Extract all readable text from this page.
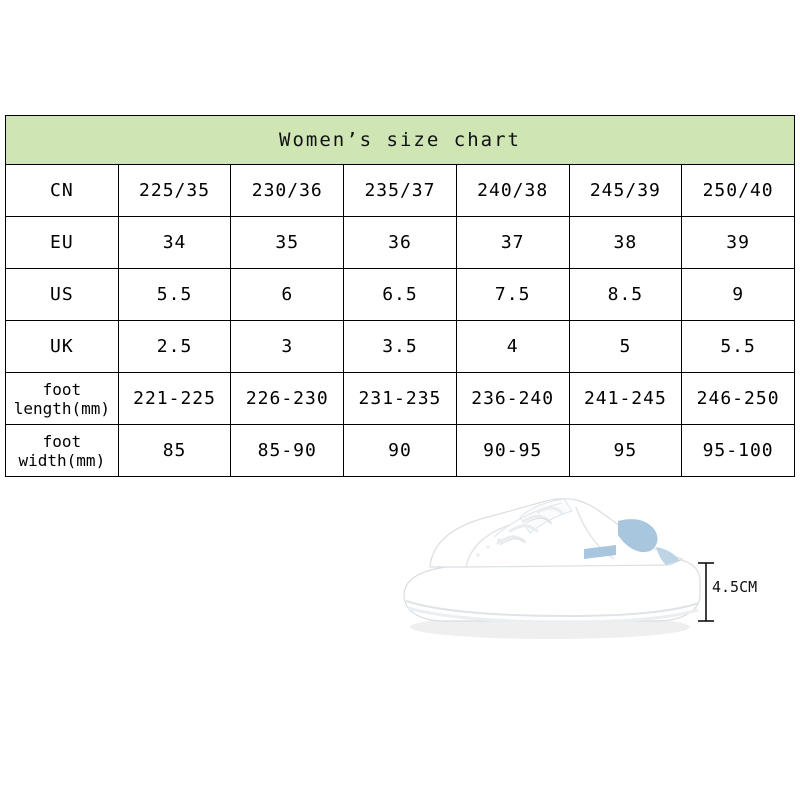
Women’s size chart						
CN	225/35	230/36	235/37	240/38	245/39	250/40
EU	34	35	36	37	38	39
US	5.5	6	6.5	7.5	8.5	9
UK	2.5	3	3.5	4	5	5.5
foot length(mm)	221-225	226-230	231-235	236-240	241-245	246-250
foot width(mm)	85	85-90	90	90-95	95	95-100
4.5CM
